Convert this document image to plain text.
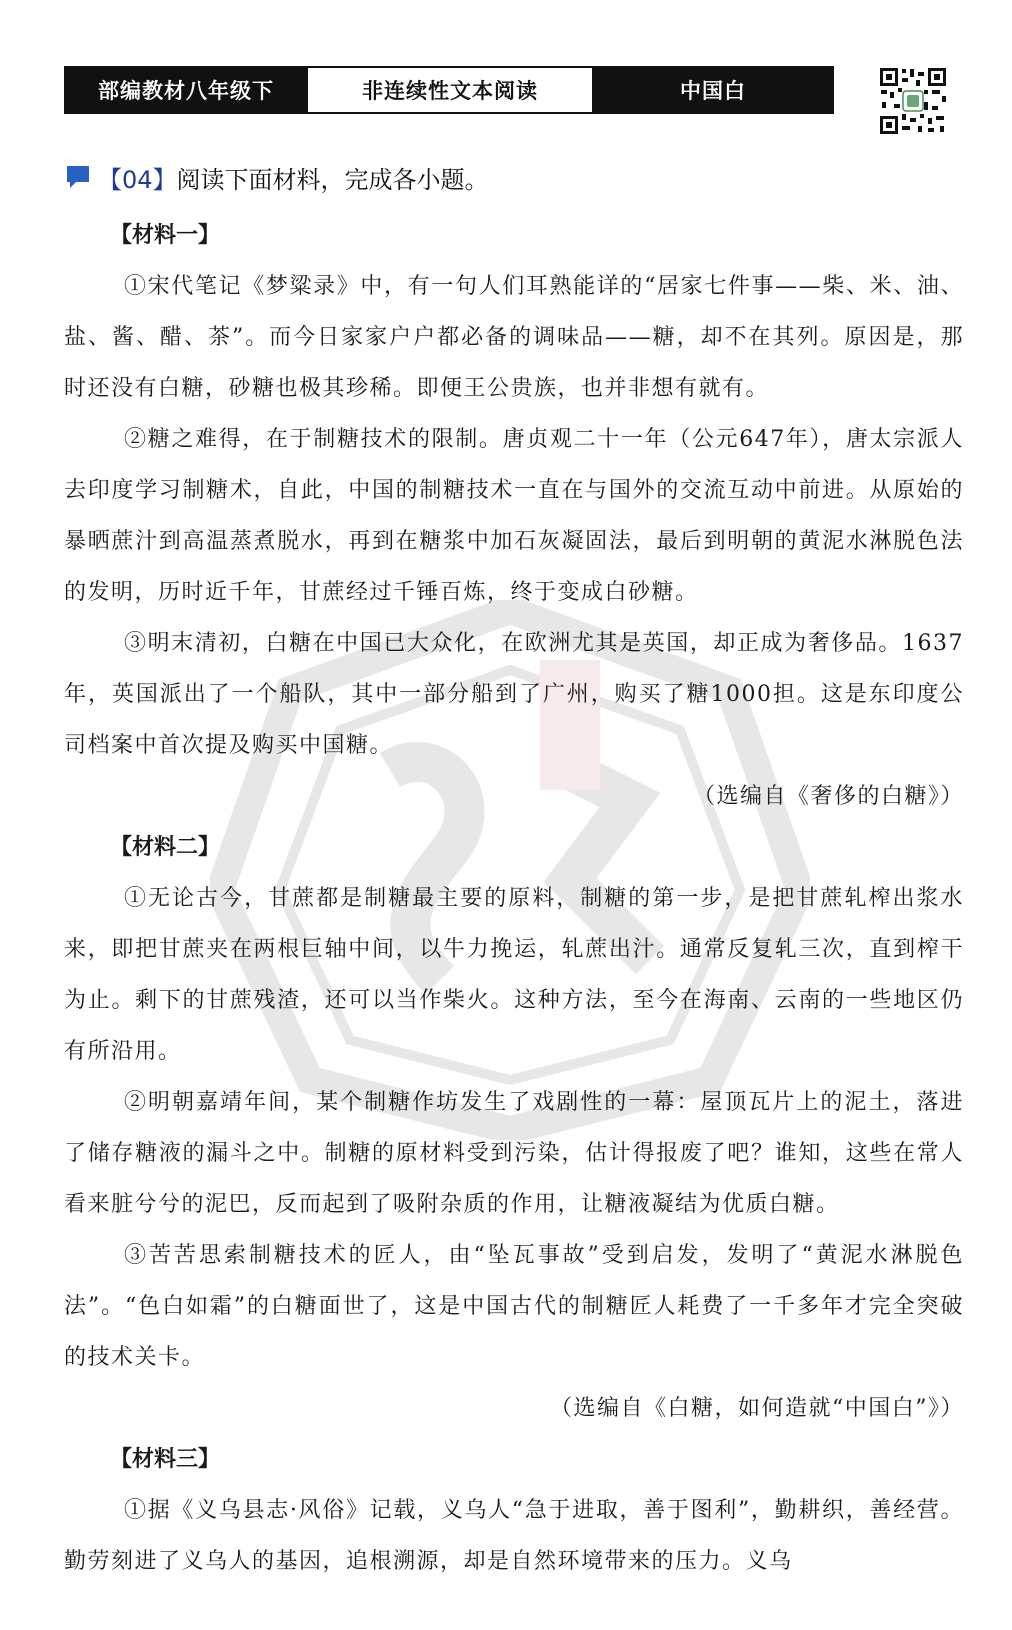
部编教材八年级下	非连续性文本阅读	中国白
【04】 阅读下面材料，完成各小题。
【材料一】

①宋代笔记《梦粱录》中，有一句人们耳熟能详的“居家七件事——柴、米、油、盐、酱、醋、茶”。而今日家家户户都必备的调味品——糖，却不在其列。原因是，那时还没有白糖，砂糖也极其珍稀。即便王公贵族，也并非想有就有。

②糖之难得，在于制糖技术的限制。唐贞观二十一年（公元647年），唐太宗派人去印度学习制糖术，自此，中国的制糖技术一直在与国外的交流互动中前进。从原始的暴晒蔗汁到高温蒸煮脱水，再到在糖浆中加石灰凝固法，最后到明朝的黄泥水淋脱色法的发明，历时近千年，甘蔗经过千锤百炼，终于变成白砂糖。

③明末清初，白糖在中国已大众化，在欧洲尤其是英国，却正成为奢侈品。1637年，英国派出了一个船队，其中一部分船到了广州，购买了糖1000担。这是东印度公司档案中首次提及购买中国糖。

（选编自《奢侈的白糖》）

【材料二】

①无论古今，甘蔗都是制糖最主要的原料，制糖的第一步，是把甘蔗轧榨出浆水来，即把甘蔗夹在两根巨轴中间，以牛力挽运，轧蔗出汁。通常反复轧三次，直到榨干为止。剩下的甘蔗残渣，还可以当作柴火。这种方法，至今在海南、云南的一些地区仍有所沿用。

②明朝嘉靖年间，某个制糖作坊发生了戏剧性的一幕：屋顶瓦片上的泥土，落进了储存糖液的漏斗之中。制糖的原材料受到污染，估计得报废了吧？谁知，这些在常人看来脏兮兮的泥巴，反而起到了吸附杂质的作用，让糖液凝结为优质白糖。

③苦苦思索制糖技术的匠人，由“坠瓦事故”受到启发，发明了“黄泥水淋脱色法”。“色白如霜”的白糖面世了，这是中国古代的制糖匠人耗费了一千多年才完全突破的技术关卡。

（选编自《白糖，如何造就“中国白”》）

【材料三】

①据《义乌县志·风俗》记载，义乌人“急于进取，善于图利”，勤耕织，善经营。勤劳刻进了义乌人的基因，追根溯源，却是自然环境带来的压力。义乌
